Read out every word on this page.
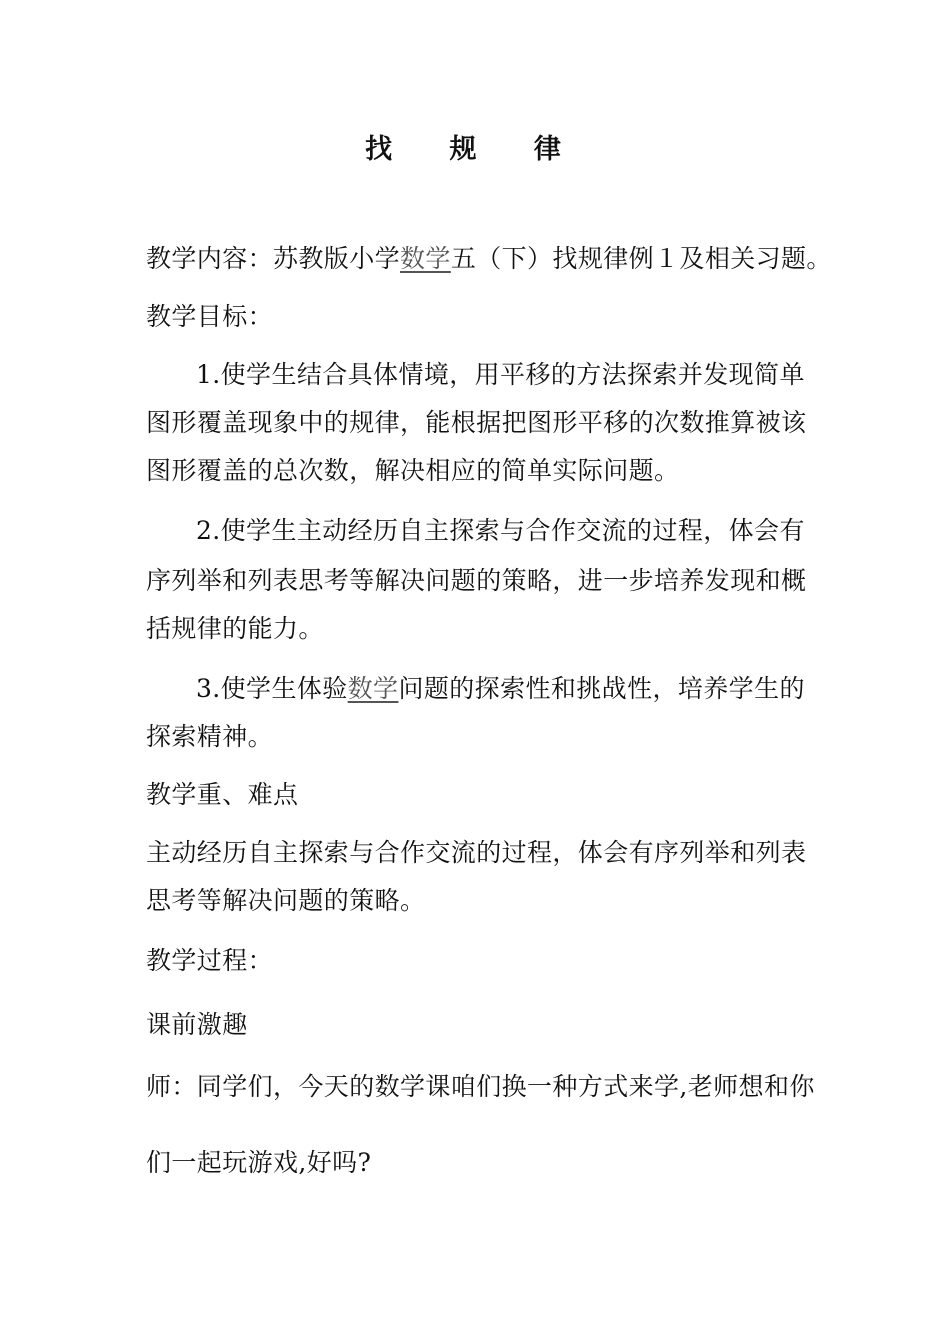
找 规 律
教学内容：苏教版小学数学五（下）找规律例１及相关习题。
教学目标：
1.使学生结合具体情境，用平移的方法探索并发现简单
图形覆盖现象中的规律，能根据把图形平移的次数推算被该
图形覆盖的总次数，解决相应的简单实际问题。
2.使学生主动经历自主探索与合作交流的过程，体会有
序列举和列表思考等解决问题的策略，进一步培养发现和概
括规律的能力。
3.使学生体验数学问题的探索性和挑战性，培养学生的
探索精神。
教学重、难点
主动经历自主探索与合作交流的过程，体会有序列举和列表
思考等解决问题的策略。
教学过程：
课前激趣
师：同学们，今天的数学课咱们换一种方式来学,老师想和你
们一起玩游戏,好吗?
